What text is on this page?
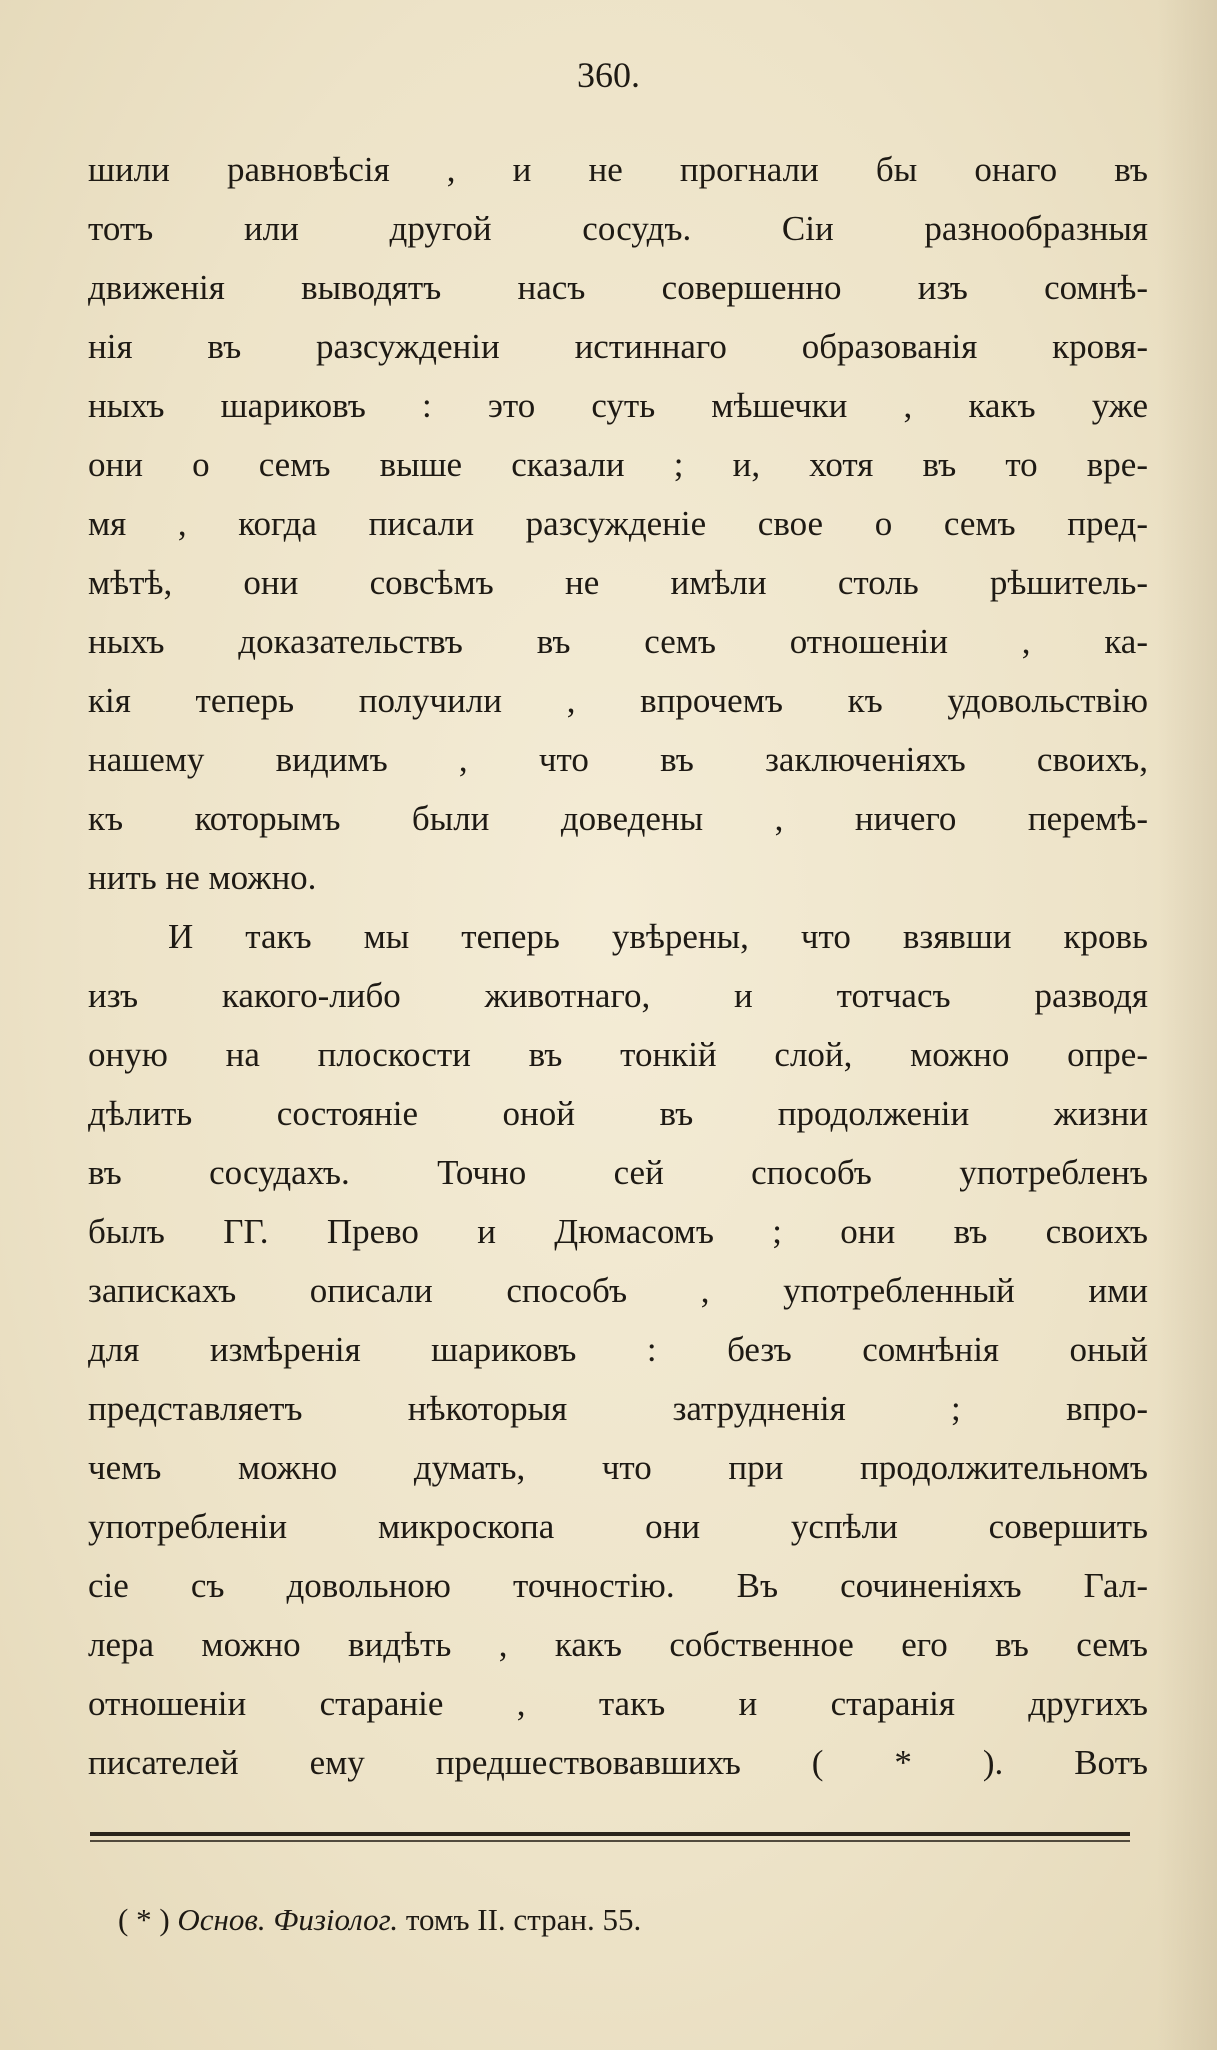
360.
шили равновѣсія , и не прогнали бы онаго въ
тотъ или другой сосудъ. Сіи разнообразныя
движенія выводятъ насъ совершенно изъ сомнѣ-
нія въ разсужденіи истиннаго образованія кровя-
ныхъ шариковъ : это суть мѣшечки , какъ уже
они о семъ выше сказали ; и, хотя въ то вре-
мя , когда писали разсужденіе свое о семъ пред-
мѣтѣ, они совсѣмъ не имѣли столь рѣшитель-
ныхъ доказательствъ въ семъ отношеніи , ка-
кія теперь получили , впрочемъ къ удовольствію
нашему видимъ , что въ заключеніяхъ своихъ,
къ которымъ были доведены , ничего перемѣ-
нить не можно.
И такъ мы теперь увѣрены, что взявши кровь
изъ какого-либо животнаго, и тотчасъ разводя
оную на плоскости въ тонкій слой, можно опре-
дѣлить состояніе оной въ продолженіи жизни
въ сосудахъ. Точно сей способъ употребленъ
былъ ГГ. Прево и Дюмасомъ ; они въ своихъ
запискахъ описали способъ , употребленный ими
для измѣренія шариковъ : безъ сомнѣнія оный
представляетъ нѣкоторыя затрудненія ; впро-
чемъ можно думать, что при продолжительномъ
употребленіи микроскопа они успѣли совершить
сіе съ довольною точностію. Въ сочиненіяхъ Гал-
лера можно видѣть , какъ собственное его въ семъ
отношеніи стараніе , такъ и старанія другихъ
писателей ему предшествовавшихъ ( * ). Вотъ
( * ) Основ. Физіолог. томъ II. стран. 55.
